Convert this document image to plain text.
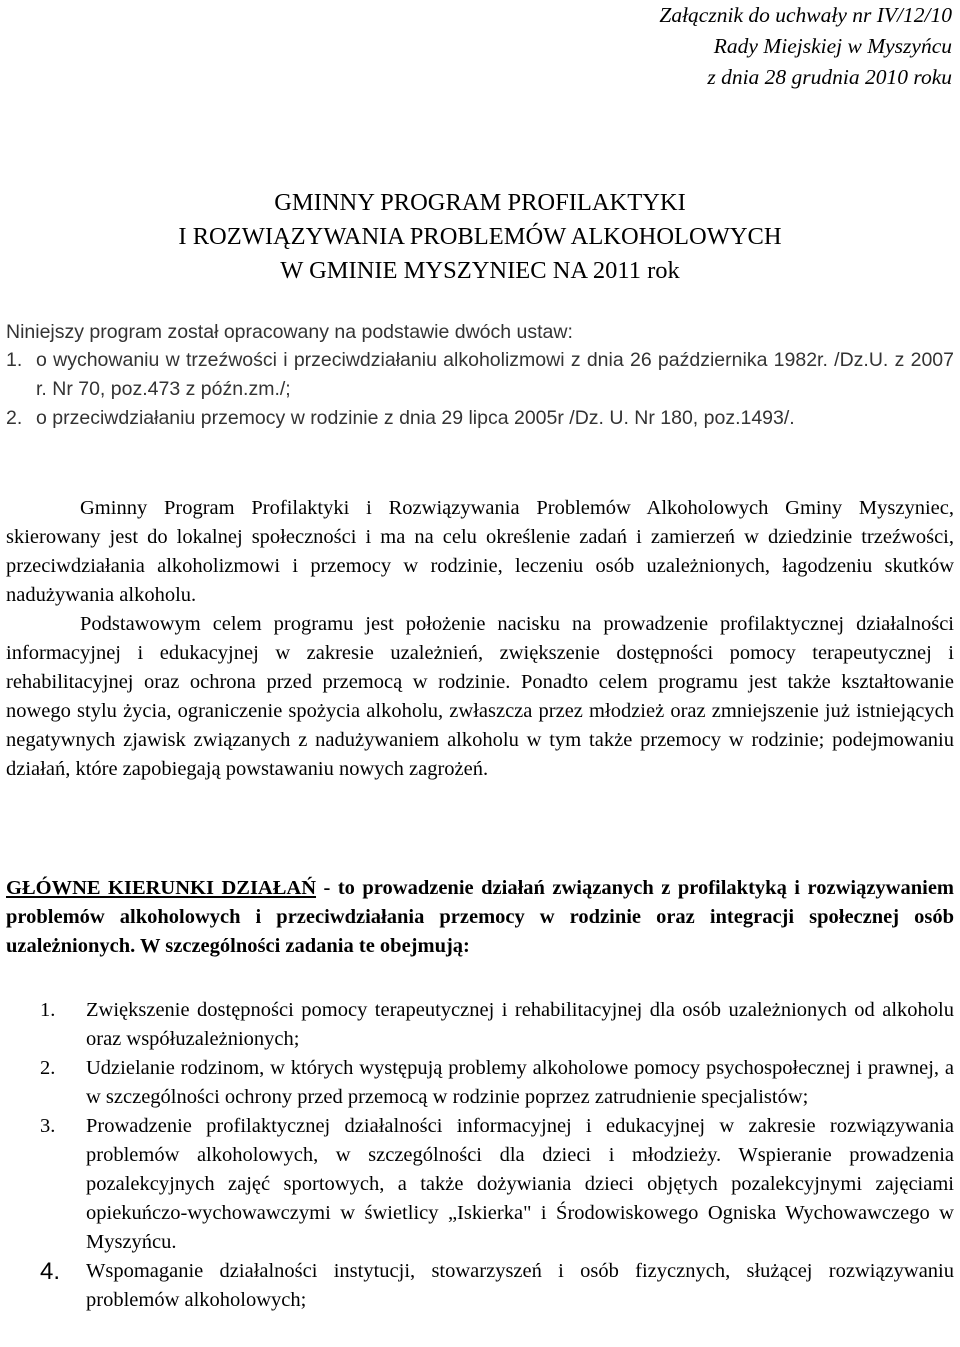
Załącznik do uchwały nr IV/12/10
Rady Miejskiej w Myszyńcu
z dnia 28 grudnia 2010 roku
GMINNY PROGRAM PROFILAKTYKI
I ROZWIĄZYWANIA PROBLEMÓW ALKOHOLOWYCH
W GMINIE MYSZYNIEC NA 2011 rok
Niniejszy program został opracowany na podstawie dwóch ustaw:
1. o wychowaniu w trzeźwości i przeciwdziałaniu alkoholizmowi z dnia 26 października 1982r. /Dz.U. z 2007 r. Nr 70, poz.473 z późn.zm./;
2. o przeciwdziałaniu przemocy w rodzinie z dnia 29 lipca 2005r /Dz. U. Nr 180, poz.1493/.

Gminny Program Profilaktyki i Rozwiązywania Problemów Alkoholowych Gminy Myszyniec, skierowany jest do lokalnej społeczności i ma na celu określenie zadań i zamierzeń w dziedzinie trzeźwości, przeciwdziałania alkoholizmowi i przemocy w rodzinie, leczeniu osób uzależnionych, łagodzeniu skutków nadużywania alkoholu.

Podstawowym celem programu jest położenie nacisku na prowadzenie profilaktycznej działalności informacyjnej i edukacyjnej w zakresie uzależnień, zwiększenie dostępności pomocy terapeutycznej i rehabilitacyjnej oraz ochrona przed przemocą w rodzinie. Ponadto celem programu jest także kształtowanie nowego stylu życia, ograniczenie spożycia alkoholu, zwłaszcza przez młodzież oraz zmniejszenie już istniejących negatywnych zjawisk związanych z nadużywaniem alkoholu w tym także przemocy w rodzinie; podejmowaniu działań, które zapobiegają powstawaniu nowych zagrożeń.

GŁÓWNE KIERUNKI DZIAŁAŃ - to prowadzenie działań związanych z profilaktyką i rozwiązywaniem problemów alkoholowych i przeciwdziałania przemocy w rodzinie oraz integracji społecznej osób uzależnionych. W szczególności zadania te obejmują:

1. Zwiększenie dostępności pomocy terapeutycznej i rehabilitacyjnej dla osób uzależnionych od alkoholu oraz współuzależnionych;
2. Udzielanie rodzinom, w których występują problemy alkoholowe pomocy psychospołecznej i prawnej, a w szczególności ochrony przed przemocą w rodzinie poprzez zatrudnienie specjalistów;
3. Prowadzenie profilaktycznej działalności informacyjnej i edukacyjnej w zakresie rozwiązywania problemów alkoholowych, w szczególności dla dzieci i młodzieży. Wspieranie prowadzenia pozalekcyjnych zajęć sportowych, a także dożywiania dzieci objętych pozalekcyjnymi zajęciami opiekuńczo-wychowawczymi w świetlicy „Iskierka" i Środowiskowego Ogniska Wychowawczego w Myszyńcu.
4. Wspomaganie działalności instytucji, stowarzyszeń i osób fizycznych, służącej rozwiązywaniu problemów alkoholowych;
